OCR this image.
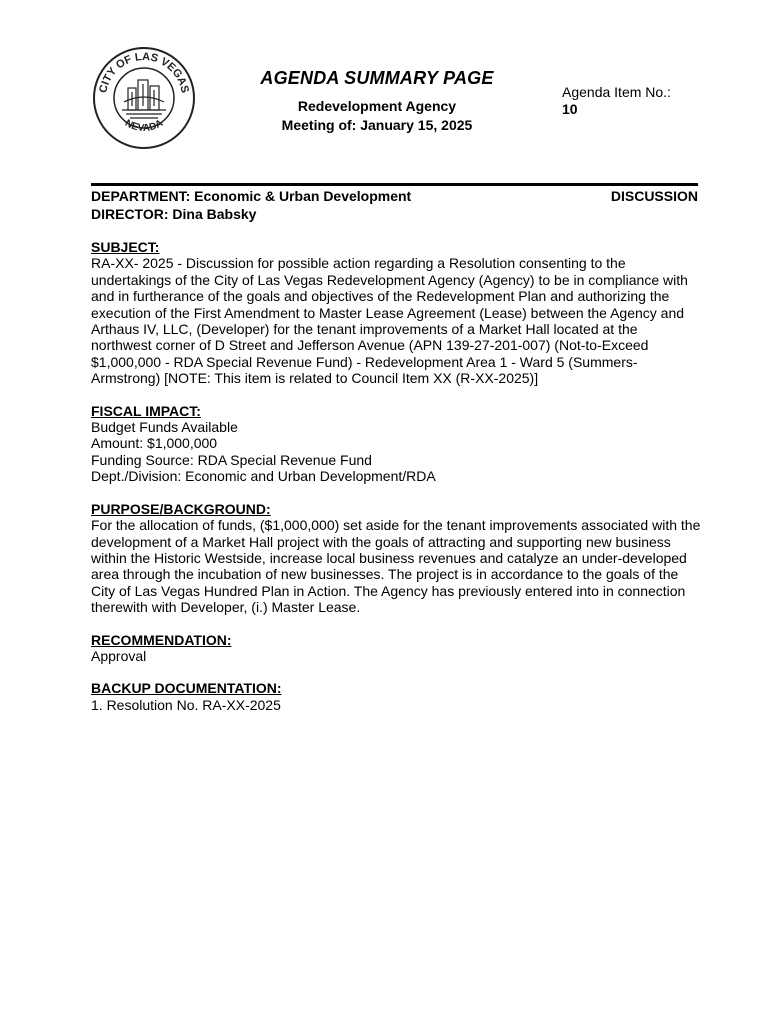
CITY OF LAS VEGAS
NEVADA
AGENDA SUMMARY PAGE
Redevelopment Agency
Meeting of: January 15, 2025
Agenda Item No.:
10
DEPARTMENT: Economic & Urban Development
DIRECTOR: Dina Babsky
DISCUSSION
SUBJECT:
RA-XX- 2025 - Discussion for possible action regarding a Resolution consenting to the undertakings of the City of Las Vegas Redevelopment Agency (Agency) to be in compliance with and in furtherance of the goals and objectives of the Redevelopment Plan and authorizing the execution of the First Amendment to Master Lease Agreement (Lease) between the Agency and Arthaus IV, LLC, (Developer) for the tenant improvements of a Market Hall located at the northwest corner of D Street and Jefferson Avenue (APN 139-27-201-007) (Not-to-Exceed $1,000,000 - RDA Special Revenue Fund) - Redevelopment Area 1 - Ward 5 (Summers-Armstrong) [NOTE: This item is related to Council Item XX (R-XX-2025)]
FISCAL IMPACT:
Budget Funds Available
Amount: $1,000,000
Funding Source: RDA Special Revenue Fund
Dept./Division: Economic and Urban Development/RDA
PURPOSE/BACKGROUND:
For the allocation of funds, ($1,000,000) set aside for the tenant improvements associated with the development of a Market Hall project with the goals of attracting and supporting new business within the Historic Westside, increase local business revenues and catalyze an under-developed area through the incubation of new businesses. The project is in accordance to the goals of the City of Las Vegas Hundred Plan in Action. The Agency has previously entered into in connection therewith with Developer, (i.) Master Lease.
RECOMMENDATION:
Approval
BACKUP DOCUMENTATION:
1. Resolution No. RA-XX-2025
